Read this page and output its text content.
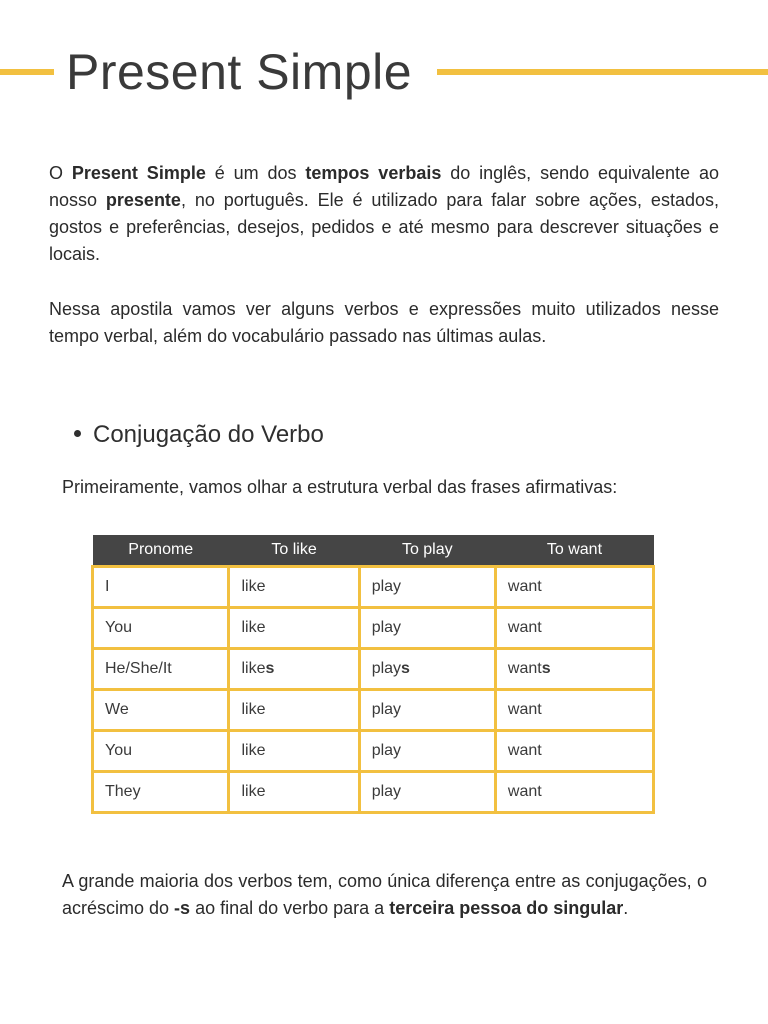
Present Simple

O Present Simple é um dos tempos verbais do inglês, sendo equivalente ao nosso presente, no português. Ele é utilizado para falar sobre ações, estados, gostos e preferências, desejos, pedidos e até mesmo para descrever situações e locais.

Nessa apostila vamos ver alguns verbos e expressões muito utilizados nesse tempo verbal, além do vocabulário passado nas últimas aulas.

Conjugação do Verbo

Primeiramente, vamos olhar a estrutura verbal das frases afirmativas:

Pronome	To like	To play	To want
I	like	play	want
You	like	play	want
He/She/It	likes	plays	wants
We	like	play	want
You	like	play	want
They	like	play	want

A grande maioria dos verbos tem, como única diferença entre as conjugações, o acréscimo do -s ao final do verbo para a terceira pessoa do singular.
